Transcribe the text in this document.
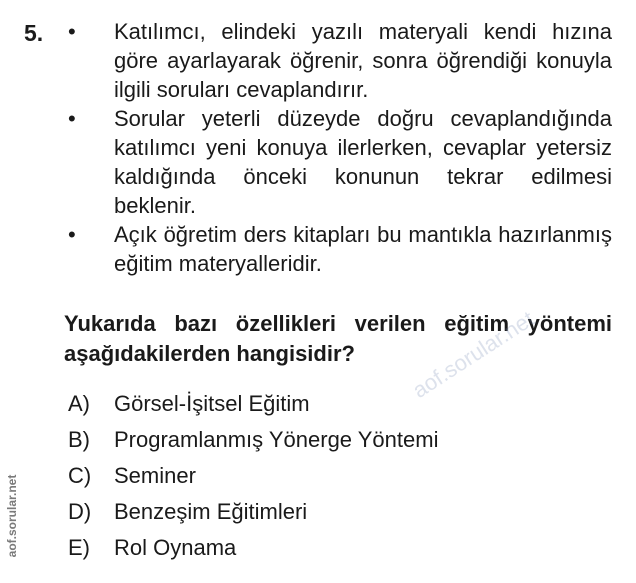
5. • Katılımcı, elindeki yazılı materyali kendi hızına göre ayarlayarak öğrenir, sonra öğrendiği konuyla ilgili soruları cevaplandırır.
• Sorular yeterli düzeyde doğru cevaplandığında katılımcı yeni konuya ilerlerken, cevaplar yetersiz kaldığında önceki konunun tekrar edilmesi beklenir.
• Açık öğretim ders kitapları bu mantıkla hazırlanmış eğitim materyalleridir.
Yukarıda bazı özellikleri verilen eğitim yöntemi aşağıdakilerden hangisidir?
A)	Görsel-İşitsel Eğitim
B)	Programlanmış Yönerge Yöntemi
C)	Seminer
D)	Benzeşim Eğitimleri
E)	Rol Oynama
aof.sorular.net
aof.sorular.net
